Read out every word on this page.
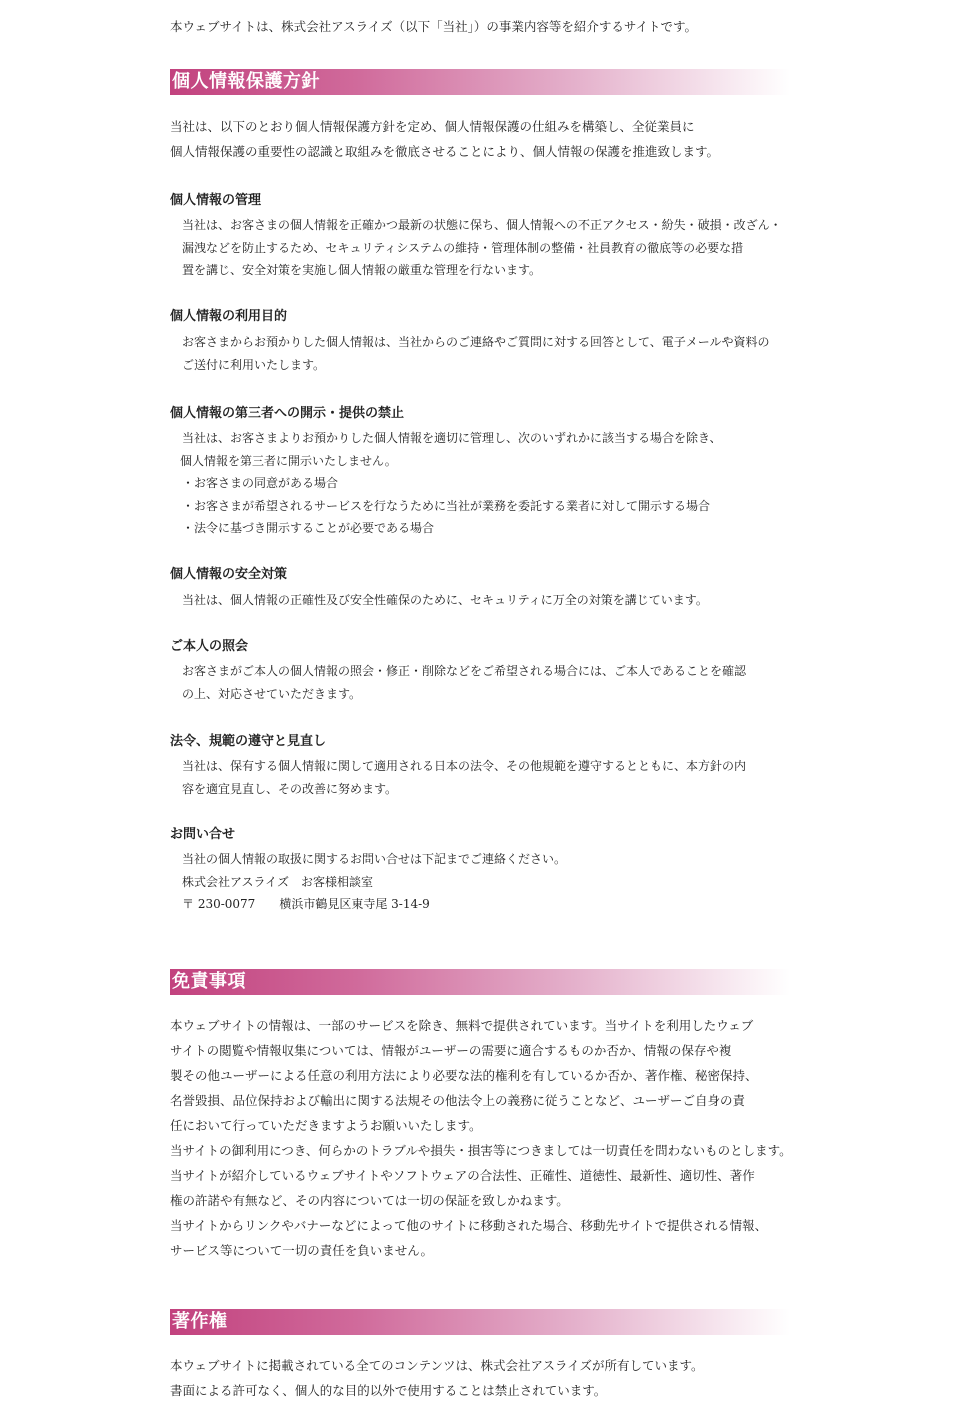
本ウェブサイトは、株式会社アスライズ（以下「当社」）の事業内容等を紹介するサイトです。

個人情報保護方針

当社は、以下のとおり個人情報保護方針を定め、個人情報保護の仕組みを構築し、全従業員に

個人情報保護の重要性の認識と取組みを徹底させることにより、個人情報の保護を推進致します。

個人情報の管理

当社は、お客さまの個人情報を正確かつ最新の状態に保ち、個人情報への不正アクセス・紛失・破損・改ざん・

漏洩などを防止するため、セキュリティシステムの維持・管理体制の整備・社員教育の徹底等の必要な措

置を講じ、安全対策を実施し個人情報の厳重な管理を行ないます。

個人情報の利用目的

お客さまからお預かりした個人情報は、当社からのご連絡やご質問に対する回答として、電子メールや資料の

ご送付に利用いたします。

個人情報の第三者への開示・提供の禁止

当社は、お客さまよりお預かりした個人情報を適切に管理し、次のいずれかに該当する場合を除き、

個人情報を第三者に開示いたしません。

・お客さまの同意がある場合
・お客さまが希望されるサービスを行なうために当社が業務を委託する業者に対して開示する場合
・法令に基づき開示することが必要である場合
個人情報の安全対策

当社は、個人情報の正確性及び安全性確保のために、セキュリティに万全の対策を講じています。

ご本人の照会

お客さまがご本人の個人情報の照会・修正・削除などをご希望される場合には、ご本人であることを確認

の上、対応させていただきます。

法令、規範の遵守と見直し

当社は、保有する個人情報に関して適用される日本の法令、その他規範を遵守するとともに、本方針の内

容を適宜見直し、その改善に努めます。

お問い合せ

当社の個人情報の取扱に関するお問い合せは下記までご連絡ください。

株式会社アスライズ　お客様相談室

〒 230-0077　　横浜市鶴見区東寺尾 3-14-9

免責事項

本ウェブサイトの情報は、一部のサービスを除き、無料で提供されています。当サイトを利用したウェブ

サイトの閲覧や情報収集については、情報がユーザーの需要に適合するものか否か、情報の保存や複

製その他ユーザーによる任意の利用方法により必要な法的権利を有しているか否か、著作権、秘密保持、

名誉毀損、品位保持および輸出に関する法規その他法令上の義務に従うことなど、ユーザーご自身の責

任において行っていただきますようお願いいたします。

当サイトの御利用につき、何らかのトラブルや損失・損害等につきましては一切責任を問わないものとします。

当サイトが紹介しているウェブサイトやソフトウェアの合法性、正確性、道徳性、最新性、適切性、著作

権の許諾や有無など、その内容については一切の保証を致しかねます。

当サイトからリンクやバナーなどによって他のサイトに移動された場合、移動先サイトで提供される情報、

サービス等について一切の責任を負いません。

著作権

本ウェブサイトに掲載されている全てのコンテンツは、株式会社アスライズが所有しています。

書面による許可なく、個人的な目的以外で使用することは禁止されています。
